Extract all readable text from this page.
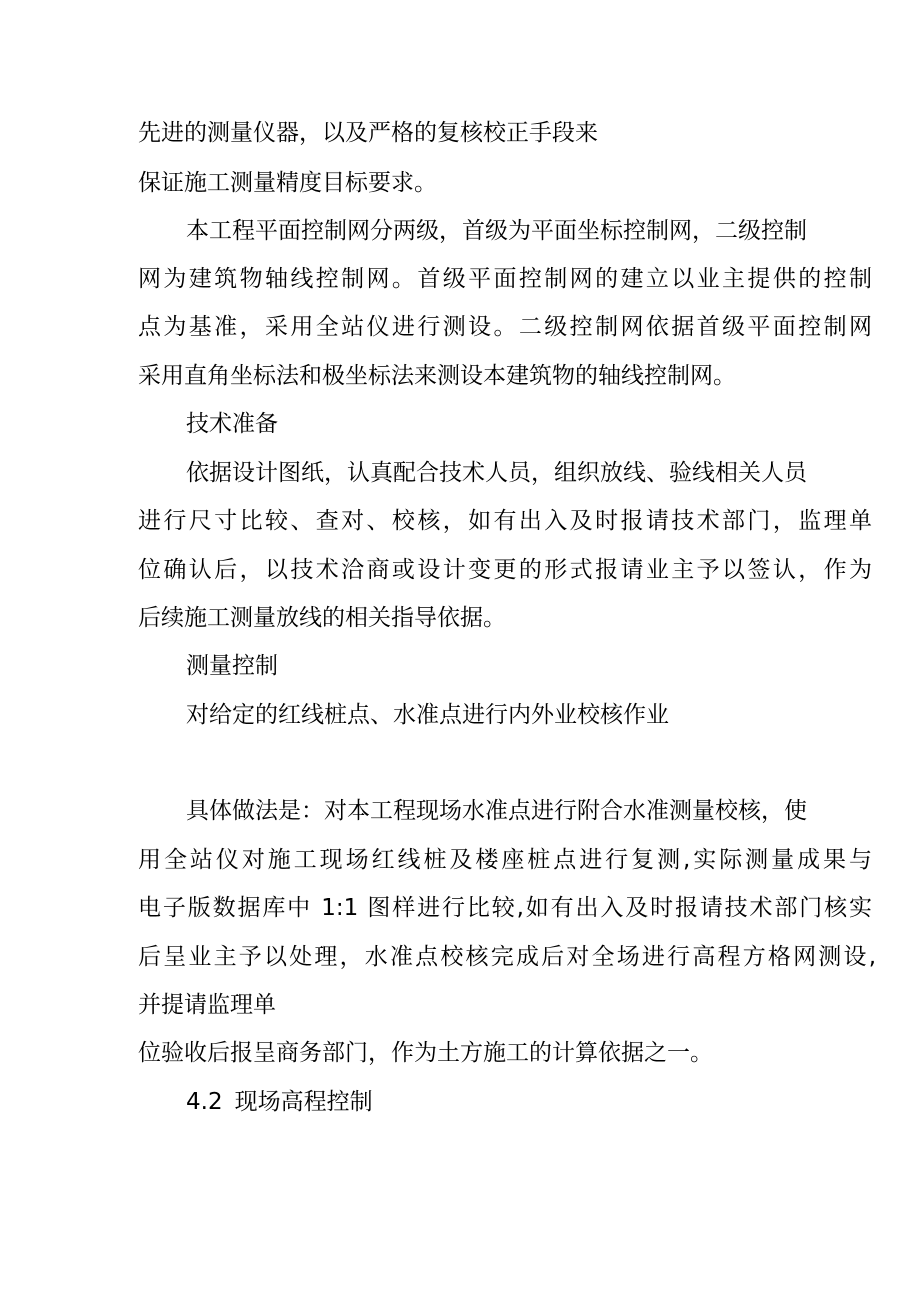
先进的测量仪器，以及严格的复核校正手段来
保证施工测量精度目标要求。
本工程平面控制网分两级，首级为平面坐标控制网，二级控制
网为建筑物轴线控制网。首级平面控制网的建立以业主提供的控制
点为基准，采用全站仪进行测设。二级控制网依据首级平面控制网
采用直角坐标法和极坐标法来测设本建筑物的轴线控制网。
技术准备
依据设计图纸，认真配合技术人员，组织放线、验线相关人员
进行尺寸比较、查对、校核，如有出入及时报请技术部门，监理单
位确认后，以技术洽商或设计变更的形式报请业主予以签认，作为
后续施工测量放线的相关指导依据。
测量控制
对给定的红线桩点、水准点进行内外业校核作业
具体做法是：对本工程现场水准点进行附合水准测量校核，使
用全站仪对施工现场红线桩及楼座桩点进行复测,实际测量成果与
电子版数据库中 1:1 图样进行比较,如有出入及时报请技术部门核实
后呈业主予以处理，水准点校核完成后对全场进行高程方格网测设,
并提请监理单
位验收后报呈商务部门，作为土方施工的计算依据之一。
4.2 现场高程控制
